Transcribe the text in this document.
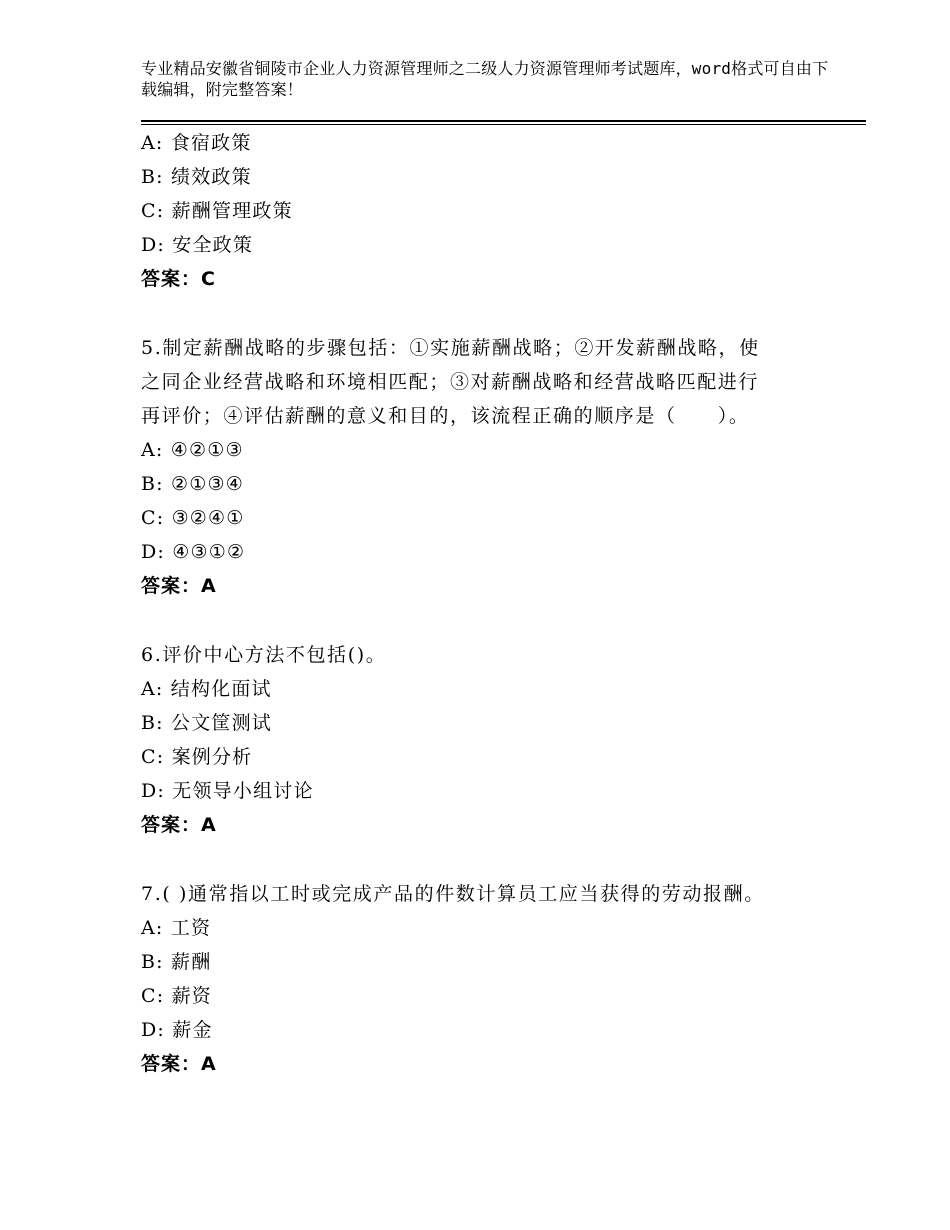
专业精品安徽省铜陵市企业人力资源管理师之二级人力资源管理师考试题库，word格式可自由下载编辑，附完整答案！
A: 食宿政策
B: 绩效政策
C: 薪酬管理政策
D: 安全政策
答案：C
5.制定薪酬战略的步骤包括：①实施薪酬战略；②开发薪酬战略，使
之同企业经营战略和环境相匹配；③对薪酬战略和经营战略匹配进行
再评价；④评估薪酬的意义和目的，该流程正确的顺序是（　　）。
A: ④②①③
B: ②①③④
C: ③②④①
D: ④③①②
答案：A
6.评价中心方法不包括()。
A: 结构化面试
B: 公文筐测试
C: 案例分析
D: 无领导小组讨论
答案：A
7.( )通常指以工时或完成产品的件数计算员工应当获得的劳动报酬。
A: 工资
B: 薪酬
C: 薪资
D: 薪金
答案：A
